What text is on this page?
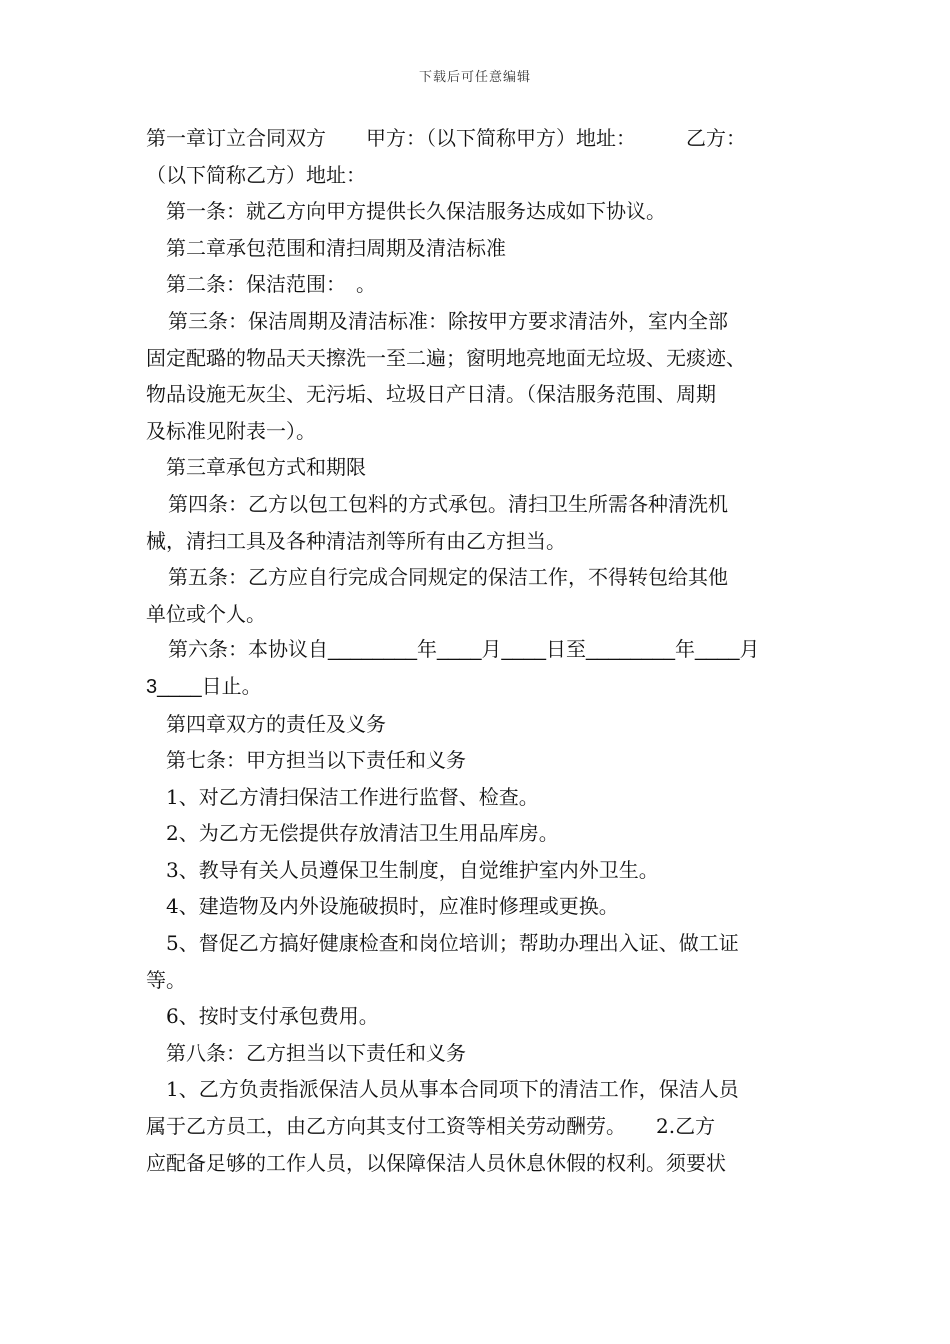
下载后可任意编辑

第一章订立合同双方　　甲方：（以下简称甲方）地址：　　　乙方：

（以下简称乙方）地址：

第一条：就乙方向甲方提供长久保洁服务达成如下协议。

第二章承包范围和清扫周期及清洁标准

第二条：保洁范围：　。

第三条：保洁周期及清洁标准：除按甲方要求清洁外，室内全部

固定配璐的物品天天擦洗一至二遍；窗明地亮地面无垃圾、无痰迹、

物品设施无灰尘、无污垢、垃圾日产日清。（保洁服务范围、周期

及标准见附表一）。

第三章承包方式和期限

第四条：乙方以包工包料的方式承包。清扫卫生所需各种清洗机

械，清扫工具及各种清洁剂等所有由乙方担当。

第五条：乙方应自行完成合同规定的保洁工作，不得转包给其他

单位或个人。

第六条：本协议自________年____月____日至________年____月

3____日止。

第四章双方的责任及义务

第七条：甲方担当以下责任和义务

1、对乙方清扫保洁工作进行监督、检查。

2、为乙方无偿提供存放清洁卫生用品库房。

3、教导有关人员遵保卫生制度，自觉维护室内外卫生。

4、建造物及内外设施破损时，应准时修理或更换。

5、督促乙方搞好健康检查和岗位培训；帮助办理出入证、做工证

等。

6、按时支付承包费用。

第八条：乙方担当以下责任和义务

1、乙方负责指派保洁人员从事本合同项下的清洁工作，保洁人员

属于乙方员工，由乙方向其支付工资等相关劳动酬劳。　　2.乙方

应配备足够的工作人员，以保障保洁人员休息休假的权利。须要状
